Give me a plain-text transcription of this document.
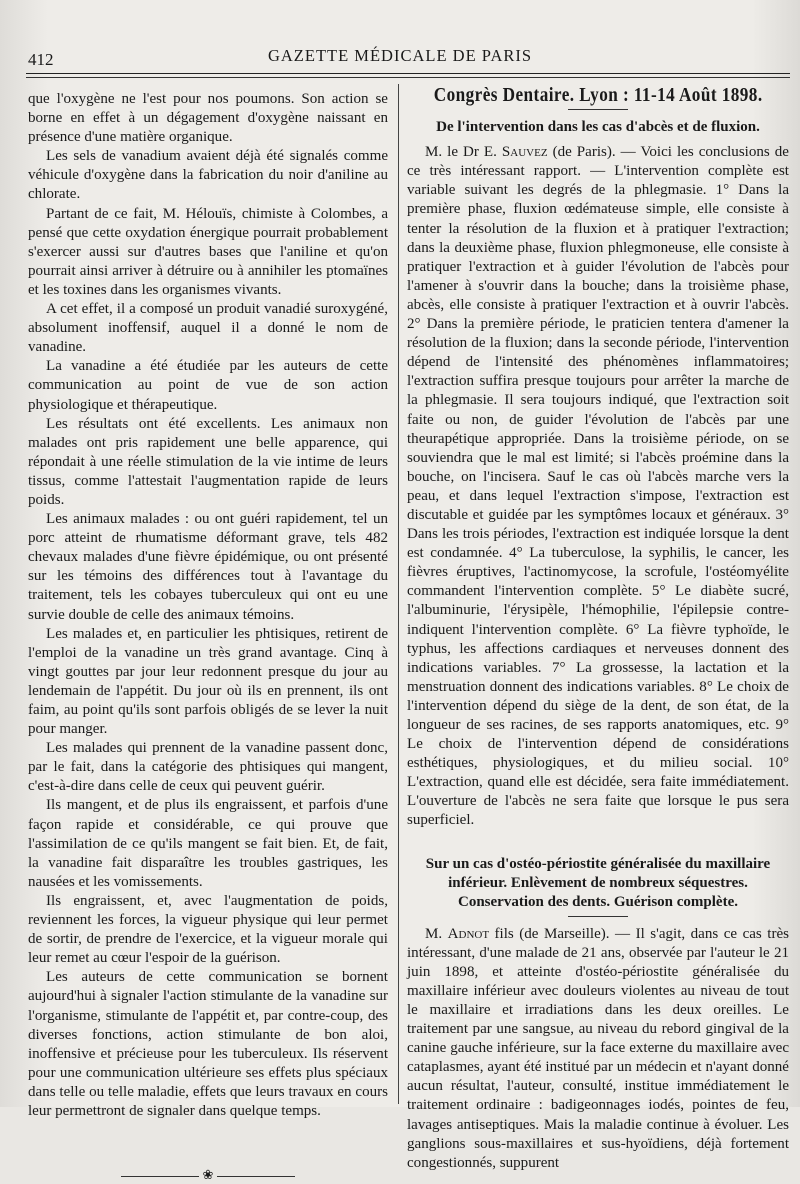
412	GAZETTE MÉDICALE DE PARIS

que l'oxygène ne l'est pour nos poumons. Son action se borne en effet à un dégagement d'oxygène naissant en présence d'une matière organique.

Les sels de vanadium avaient déjà été signalés comme véhicule d'oxygène dans la fabrication du noir d'aniline au chlorate.

Partant de ce fait, M. Hélouïs, chimiste à Colombes, a pensé que cette oxydation énergique pourrait probablement s'exercer aussi sur d'autres bases que l'aniline et qu'on pourrait ainsi arriver à détruire ou à annihiler les ptomaïnes et les toxines dans les organismes vivants.

A cet effet, il a composé un produit vanadié suroxygéné, absolument inoffensif, auquel il a donné le nom de vanadine.

La vanadine a été étudiée par les auteurs de cette communication au point de vue de son action physiologique et thérapeutique.

Les résultats ont été excellents. Les animaux non malades ont pris rapidement une belle apparence, qui répondait à une réelle stimulation de la vie intime de leurs tissus, comme l'attestait l'augmentation rapide de leurs poids.

Les animaux malades : ou ont guéri rapidement, tel un porc atteint de rhumatisme déformant grave, tels 482 chevaux malades d'une fièvre épidémique, ou ont présenté sur les témoins des différences tout à l'avantage du traitement, tels les cobayes tuberculeux qui ont eu une survie double de celle des animaux témoins.

Les malades et, en particulier les phtisiques, retirent de l'emploi de la vanadine un très grand avantage. Cinq à vingt gouttes par jour leur redonnent presque du jour au lendemain de l'appétit. Du jour où ils en prennent, ils ont faim, au point qu'ils sont parfois obligés de se lever la nuit pour manger.

Les malades qui prennent de la vanadine passent donc, par le fait, dans la catégorie des phtisiques qui mangent, c'est-à-dire dans celle de ceux qui peuvent guérir.

Ils mangent, et de plus ils engraissent, et parfois d'une façon rapide et considérable, ce qui prouve que l'assimilation de ce qu'ils mangent se fait bien. Et, de fait, la vanadine fait disparaître les troubles gastriques, les nausées et les vomissements.

Ils engraissent, et, avec l'augmentation de poids, reviennent les forces, la vigueur physique qui leur permet de sortir, de prendre de l'exercice, et la vigueur morale qui leur remet au cœur l'espoir de la guérison.

Les auteurs de cette communication se bornent aujourd'hui à signaler l'action stimulante de la vanadine sur l'organisme, stimulante de l'appétit et, par contre-coup, des diverses fonctions, action stimulante de bon aloi, inoffensive et précieuse pour les tuberculeux. Ils réservent pour une communication ultérieure ses effets plus spéciaux dans telle ou telle maladie, effets que leurs travaux en cours leur permettront de signaler dans quelque temps.

❀
Congrès Dentaire. Lyon : 11-14 Août 1898.
De l'intervention dans les cas d'abcès et de fluxion.

M. le Dr E. Sauvez (de Paris). — Voici les conclusions de ce très intéressant rapport. — L'intervention complète est variable suivant les degrés de la phlegmasie. 1° Dans la première phase, fluxion œdémateuse simple, elle consiste à tenter la résolution de la fluxion et à pratiquer l'extraction; dans la deuxième phase, fluxion phlegmoneuse, elle consiste à pratiquer l'extraction et à guider l'évolution de l'abcès pour l'amener à s'ouvrir dans la bouche; dans la troisième phase, abcès, elle consiste à pratiquer l'extraction et à ouvrir l'abcès. 2° Dans la première période, le praticien tentera d'amener la résolution de la fluxion; dans la seconde période, l'intervention dépend de l'intensité des phénomènes inflammatoires; l'extraction suffira presque toujours pour arrêter la marche de la phlegmasie. Il sera toujours indiqué, que l'extraction soit faite ou non, de guider l'évolution de l'abcès par une theurapétique appropriée. Dans la troisième période, on se souviendra que le mal est limité; si l'abcès proémine dans la bouche, on l'incisera. Sauf le cas où l'abcès marche vers la peau, et dans lequel l'extraction s'impose, l'extraction est discutable et guidée par les symptômes locaux et généraux. 3° Dans les trois périodes, l'extraction est indiquée lorsque la dent est condamnée. 4° La tuberculose, la syphilis, le cancer, les fièvres éruptives, l'actinomycose, la scrofule, l'ostéomyélite commandent l'intervention complète. 5° Le diabète sucré, l'albuminurie, l'érysipèle, l'hémophilie, l'épilepsie contre-indiquent l'intervention complète. 6° La fièvre typhoïde, le typhus, les affections cardiaques et nerveuses donnent des indications variables. 7° La grossesse, la lactation et la menstruation donnent des indications variables. 8° Le choix de l'intervention dépend du siège de la dent, de son état, de la longueur de ses racines, de ses rapports anatomiques, etc. 9° Le choix de l'intervention dépend de considérations esthétiques, physiologiques, et du milieu social. 10° L'extraction, quand elle est décidée, sera faite immédiatement. L'ouverture de l'abcès ne sera faite que lorsque le pus sera superficiel.

Sur un cas d'ostéo-périostite généralisée du maxillaire inférieur. Enlèvement de nombreux séquestres. Conservation des dents. Guérison complète.

M. Adnot fils (de Marseille). — Il s'agit, dans ce cas très intéressant, d'une malade de 21 ans, observée par l'auteur le 21 juin 1898, et atteinte d'ostéo-périostite généralisée du maxillaire inférieur avec douleurs violentes au niveau de tout le maxillaire et irradiations dans les deux oreilles. Le traitement par une sangsue, au niveau du rebord gingival de la canine gauche inférieure, sur la face externe du maxillaire avec cataplasmes, ayant été institué par un médecin et n'ayant donné aucun résultat, l'auteur, consulté, institue immédiatement le traitement ordinaire : badigeonnages iodés, pointes de feu, lavages antiseptiques. Mais la maladie continue à évoluer. Les ganglions sous-maxillaires et sus-hyoïdiens, déjà fortement congestionnés, suppurent
